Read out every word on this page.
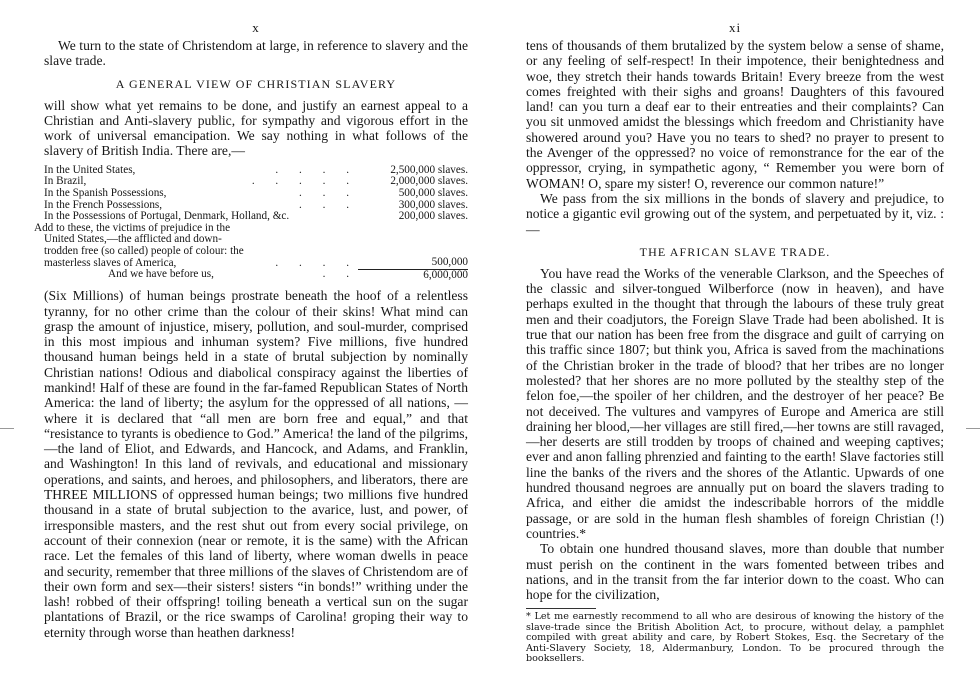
x

We turn to the state of Christendom at large, in reference to slavery and the slave trade.

A GENERAL VIEW OF CHRISTIAN SLAVERY

will show what yet remains to be done, and justify an earnest appeal to a Christian and Anti-slavery public, for sympathy and vigorous effort in the work of universal emancipation. We say nothing in what follows of the slavery of British India. There are,—

In the United States,	. . . .	2,500,000 slaves.
In Brazil,	. . . . .	2,000,000 slaves.
In the Spanish Possessions,	. . .	500,000 slaves.
In the French Possessions,	. . .	300,000 slaves.
In the Possessions of Portugal, Denmark, Holland, &c.		200,000 slaves.
Add to these, the victims of prejudice in the United States,—the afflicted and down-trodden free (so called) people of colour: the masterless slaves of America,	. . . .	500,000
And we have before us,	. .	6,000,000

(Six Millions) of human beings prostrate beneath the hoof of a relentless tyranny, for no other crime than the colour of their skins! What mind can grasp the amount of injustice, misery, pollution, and soul-murder, comprised in this most impious and inhuman system? Five millions, five hundred thousand human beings held in a state of brutal subjection by nominally Christian nations! Odious and diabolical conspiracy against the liberties of mankind! Half of these are found in the far-famed Republican States of North America: the land of liberty; the asylum for the oppressed of all nations, —where it is declared that “all men are born free and equal,” and that “resistance to tyrants is obedience to God.” America! the land of the pilgrims,—the land of Eliot, and Edwards, and Hancock, and Adams, and Franklin, and Washington! In this land of revivals, and educational and missionary operations, and saints, and heroes, and philosophers, and liberators, there are THREE MILLIONS of oppressed human beings; two millions five hundred thousand in a state of brutal subjection to the avarice, lust, and power, of irresponsible masters, and the rest shut out from every social privilege, on account of their connexion (near or remote, it is the same) with the African race. Let the females of this land of liberty, where woman dwells in peace and security, remember that three millions of the slaves of Christendom are of their own form and sex—their sisters! sisters “in bonds!” writhing under the lash! robbed of their offspring! toiling beneath a vertical sun on the sugar plantations of Brazil, or the rice swamps of Carolina! groping their way to eternity through worse than heathen darkness!

xi

tens of thousands of them brutalized by the system below a sense of shame, or any feeling of self-respect! In their impotence, their benightedness and woe, they stretch their hands towards Britain! Every breeze from the west comes freighted with their sighs and groans! Daughters of this favoured land! can you turn a deaf ear to their entreaties and their complaints? Can you sit unmoved amidst the blessings which freedom and Christianity have showered around you? Have you no tears to shed? no prayer to present to the Avenger of the oppressed? no voice of remonstrance for the ear of the oppressor, crying, in sympathetic agony, “ Remember you were born of WOMAN! O, spare my sister! O, reverence our common nature!”

We pass from the six millions in the bonds of slavery and prejudice, to notice a gigantic evil growing out of the system, and perpetuated by it, viz. :—

THE AFRICAN SLAVE TRADE.

You have read the Works of the venerable Clarkson, and the Speeches of the classic and silver-tongued Wilberforce (now in heaven), and have perhaps exulted in the thought that through the labours of these truly great men and their coadjutors, the Foreign Slave Trade had been abolished. It is true that our nation has been free from the disgrace and guilt of carrying on this traffic since 1807; but think you, Africa is saved from the machinations of the Christian broker in the trade of blood? that her tribes are no longer molested? that her shores are no more polluted by the stealthy step of the felon foe,—the spoiler of her children, and the destroyer of her peace? Be not deceived. The vultures and vampyres of Europe and America are still draining her blood,—her villages are still fired,—her towns are still ravaged,—her deserts are still trodden by troops of chained and weeping captives; ever and anon falling phrenzied and fainting to the earth! Slave factories still line the banks of the rivers and the shores of the Atlantic. Upwards of one hundred thousand negroes are annually put on board the slavers trading to Africa, and either die amidst the indescribable horrors of the middle passage, or are sold in the human flesh shambles of foreign Christian (!) countries.*

To obtain one hundred thousand slaves, more than double that number must perish on the continent in the wars fomented between tribes and nations, and in the transit from the far interior down to the coast. Who can hope for the civilization,

* Let me earnestly recommend to all who are desirous of knowing the history of the slave-trade since the British Abolition Act, to procure, without delay, a pamphlet compiled with great ability and care, by Robert Stokes, Esq. the Secretary of the Anti-Slavery Society, 18, Aldermanbury, London. To be procured through the booksellers.
